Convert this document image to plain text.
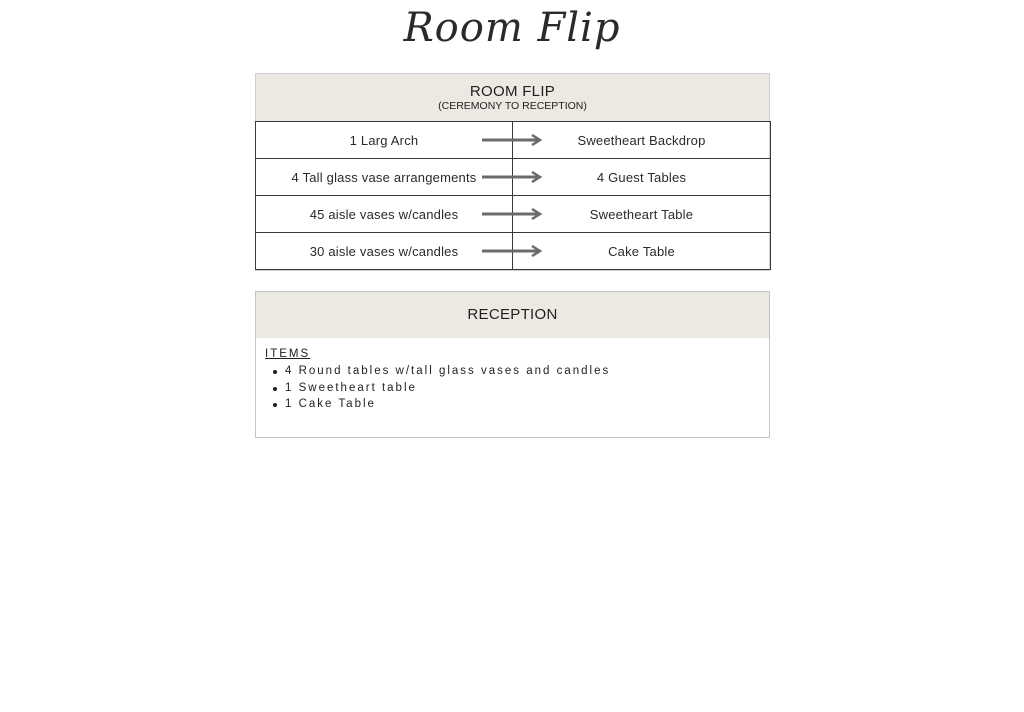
Room Flip
ROOM FLIP
(CEREMONY TO RECEPTION)
1 Larg Arch	Sweetheart Backdrop
4 Tall glass vase arrangements	4 Guest Tables
45 aisle vases w/candles	Sweetheart Table
30 aisle vases w/candles	Cake Table
RECEPTION
ITEMS
4 Round tables w/tall glass vases and candles
1 Sweetheart table
1 Cake Table
